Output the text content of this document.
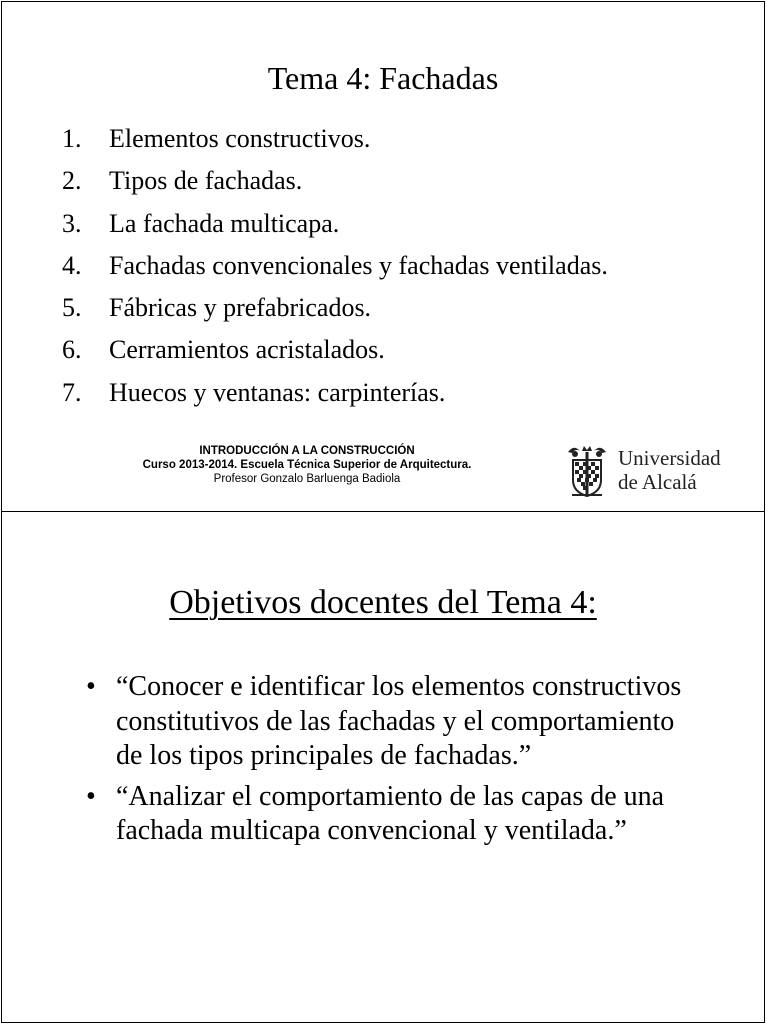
Tema 4: Fachadas
1. Elementos constructivos.
2. Tipos de fachadas.
3. La fachada multicapa.
4. Fachadas convencionales y fachadas ventiladas.
5. Fábricas y prefabricados.
6. Cerramientos acristalados.
7. Huecos y ventanas: carpinterías.
INTRODUCCIÓN A LA CONSTRUCCIÓN
Curso 2013-2014. Escuela Técnica Superior de Arquitectura.
Profesor Gonzalo Barluenga Badiola
Universidad
de Alcalá
Objetivos docentes del Tema 4:
• “Conocer e identificar los elementos constructivos constitutivos de las fachadas y el comportamiento de los tipos principales de fachadas.”
• “Analizar el comportamiento de las capas de una fachada multicapa convencional y ventilada.”
